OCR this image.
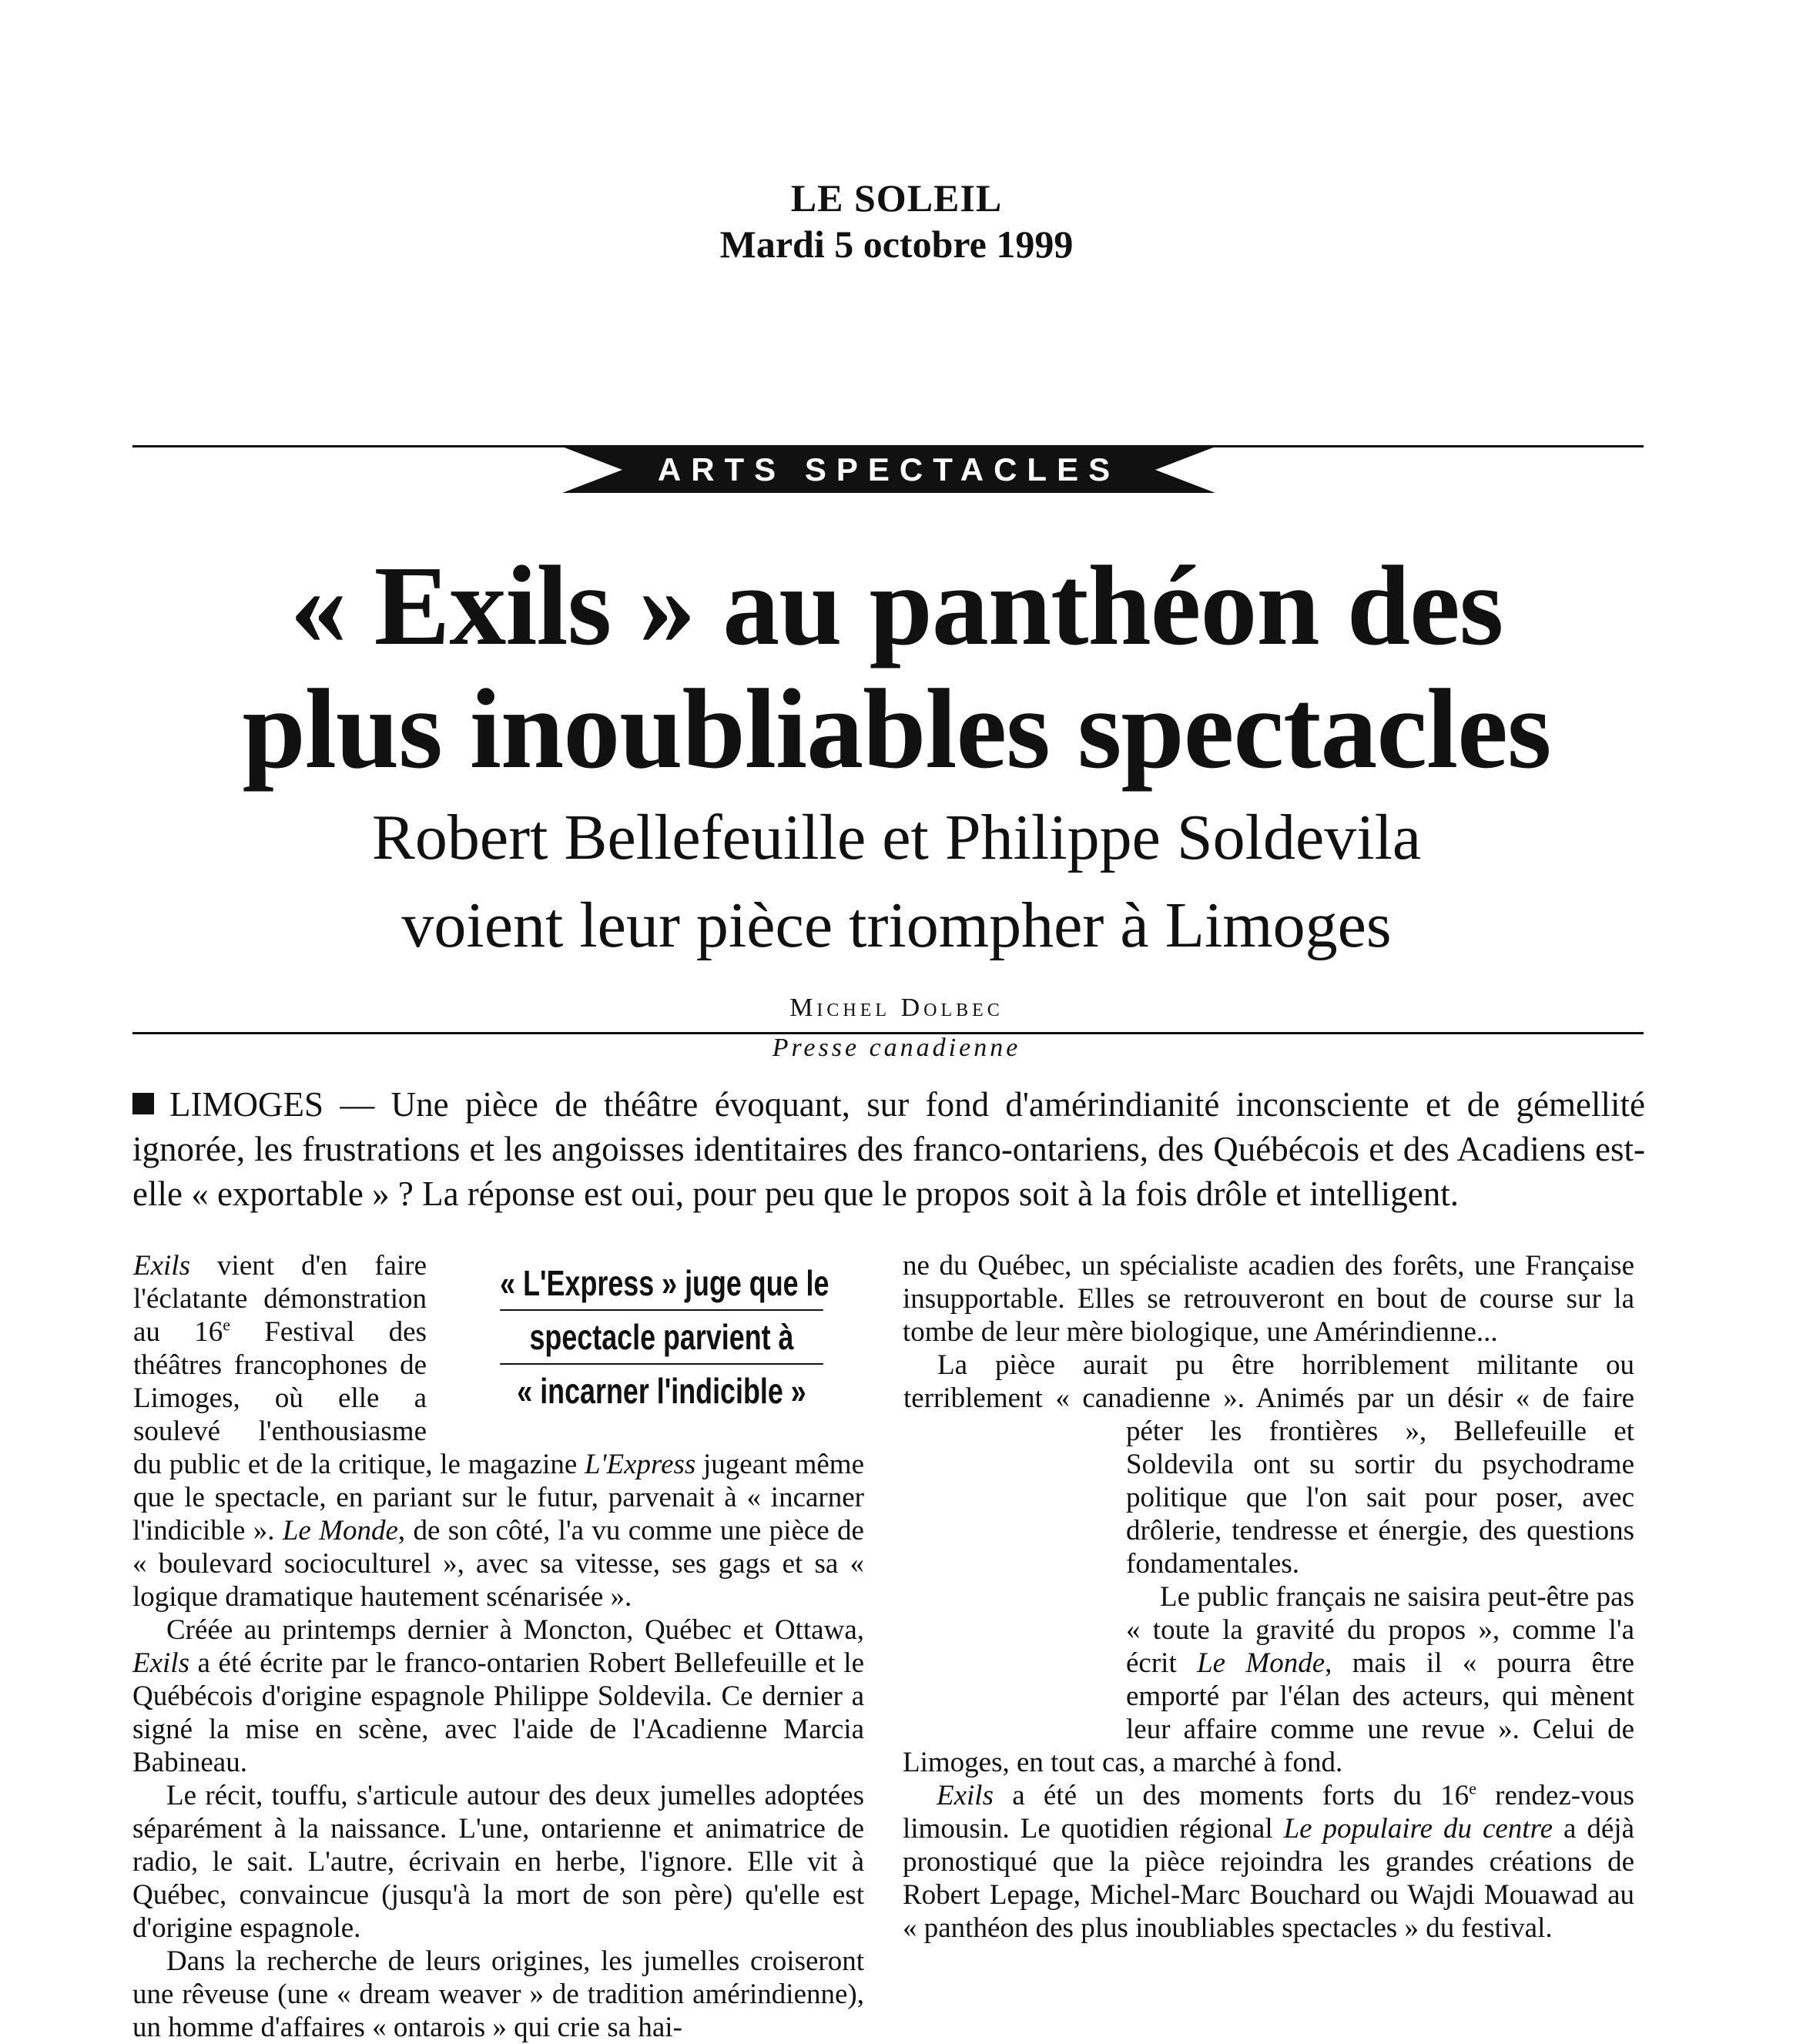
LE SOLEIL
Mardi 5 octobre 1999
ARTS SPECTACLES
« Exils » au panthéon des
plus inoubliables spectacles
Robert Bellefeuille et Philippe Soldevila
voient leur pièce triompher à Limoges
Michel Dolbec
Presse canadienne

LIMOGES — Une pièce de théâtre évoquant, sur fond d'amérindianité inconsciente et de gémellité ignorée, les frustrations et les angoisses identitaires des franco-ontariens, des Québécois et des Acadiens est-elle « exportable » ? La réponse est oui, pour peu que le propos soit à la fois drôle et intelligent.

« L'Express » juge que le
spectacle parvient à
« incarner l'indicible »

Exils vient d'en faire l'éclatante démonstration au 16e Festival des théâtres francophones de Limoges, où elle a soulevé l'enthousiasme du public et de la critique, le magazine L'Express jugeant même que le spectacle, en pariant sur le futur, parvenait à « incarner l'indicible ». Le Monde, de son côté, l'a vu comme une pièce de « boulevard socioculturel », avec sa vitesse, ses gags et sa « logique dramatique hautement scénarisée ».

Créée au printemps dernier à Moncton, Québec et Ottawa, Exils a été écrite par le franco-ontarien Robert Bellefeuille et le Québécois d'origine espagnole Philippe Soldevila. Ce dernier a signé la mise en scène, avec l'aide de l'Acadienne Marcia Babineau.

Le récit, touffu, s'articule autour des deux jumelles adoptées séparément à la naissance. L'une, ontarienne et animatrice de radio, le sait. L'autre, écrivain en herbe, l'ignore. Elle vit à Québec, convaincue (jusqu'à la mort de son père) qu'elle est d'origine espagnole.

Dans la recherche de leurs origines, les jumelles croiseront une rêveuse (une « dream weaver » de tradition amérindienne), un homme d'affaires « ontarois » qui crie sa hai-

ne du Québec, un spécialiste acadien des forêts, une Française insupportable. Elles se retrouveront en bout de course sur la tombe de leur mère biologique, une Amérindienne...

La pièce aurait pu être horriblement militante ou terriblement « canadienne ». Animés par un désir « de faire péter les frontières », Bellefeuille et Soldevila ont su sortir du psychodrame politique que l'on sait pour poser, avec drôlerie, tendresse et énergie, des questions fondamentales.

Le public français ne saisira peut-être pas « toute la gravité du propos », comme l'a écrit Le Monde, mais il « pourra être emporté par l'élan des acteurs, qui mènent leur affaire comme une revue ». Celui de Limoges, en tout cas, a marché à fond.

Exils a été un des moments forts du 16e rendez-vous limousin. Le quotidien régional Le populaire du centre a déjà pronostiqué que la pièce rejoindra les grandes créations de Robert Lepage, Michel-Marc Bouchard ou Wajdi Mouawad au « panthéon des plus inoubliables spectacles » du festival.
